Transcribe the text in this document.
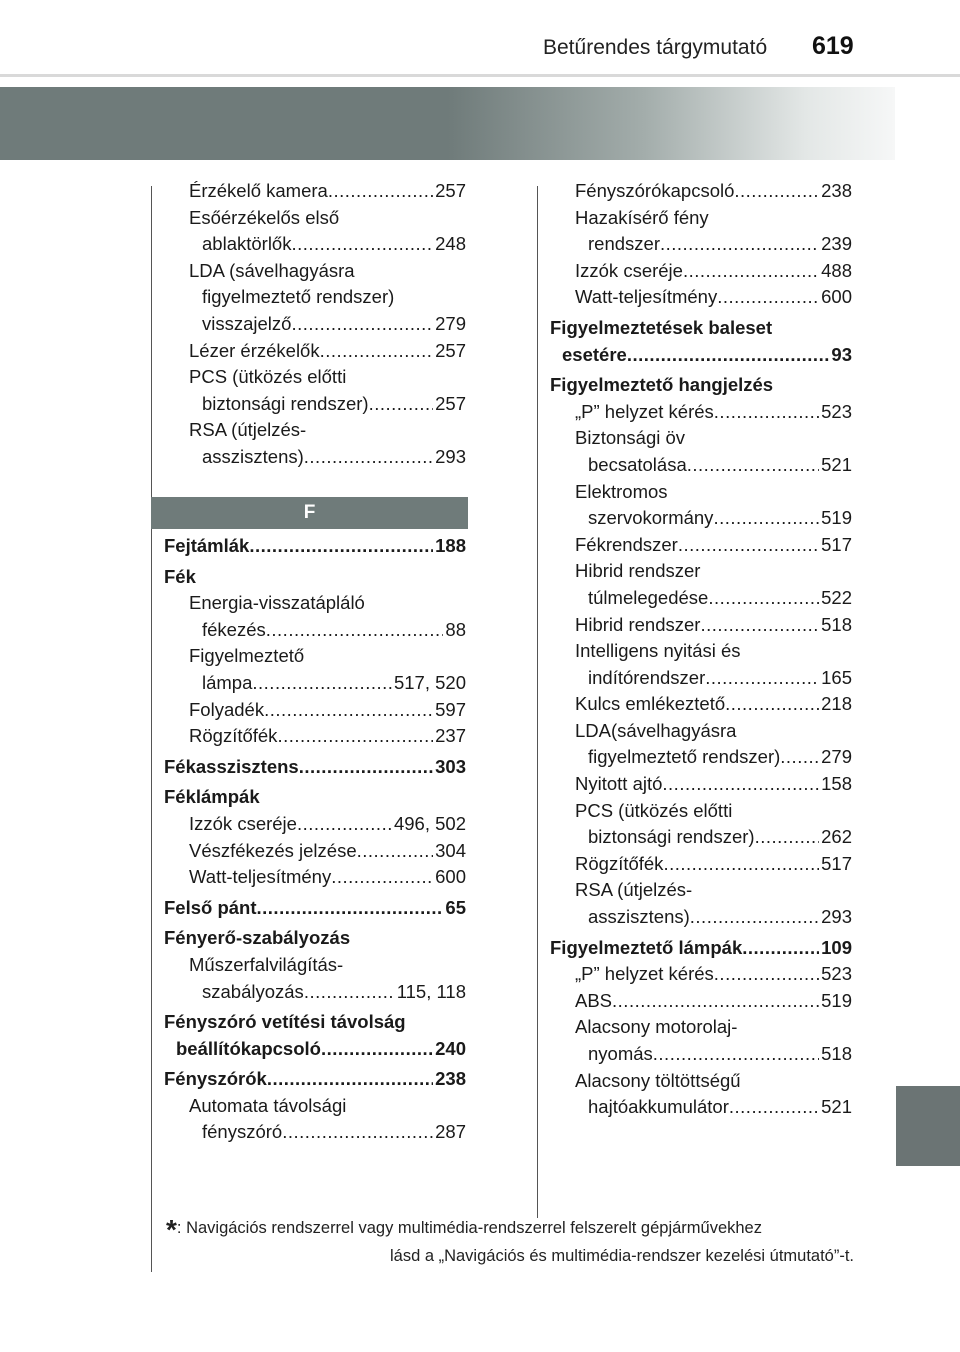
Betűrendes tárgymutató 619
Érzékelő kamera .....	257
Esőérzékelős első
ablaktörlők .....	248
LDA (sávelhagyásra
figyelmeztető rendszer)
visszajelző .....	279
Lézer érzékelők .....	257
PCS (ütközés előtti
biztonsági rendszer) .....	257
RSA (útjelzés-
asszisztens) .....	293
F
Fejtámlák .....	188
Fék
Energia-visszatápláló
fékezés .....	88
Figyelmeztető
lámpa .....	517, 520
Folyadék .....	597
Rögzítőfék .....	237
Fékasszisztens .....	303
Féklámpák
Izzók cseréje .....	496, 502
Vészfékezés jelzése .....	304
Watt-teljesítmény .....	600
Felső pánt .....	65
Fényerő-szabályozás
Műszerfalvilágítás-
szabályozás .....	115, 118
Fényszóró vetítési távolság
beállítókapcsoló .....	240
Fényszórók .....	238
Automata távolsági
fényszóró .....	287
Fényszórókapcsoló .....	238
Hazakísérő fény
rendszer .....	239
Izzók cseréje .....	488
Watt-teljesítmény .....	600
Figyelmeztetések baleset
esetére .....	93
Figyelmeztető hangjelzés
„P” helyzet kérés .....	523
Biztonsági öv
becsatolása .....	521
Elektromos
szervokormány .....	519
Fékrendszer .....	517
Hibrid rendszer
túlmelegedése .....	522
Hibrid rendszer .....	518
Intelligens nyitási és
indítórendszer .....	165
Kulcs emlékeztető .....	218
LDA(sávelhagyásra
figyelmeztető rendszer) ..... 279
Nyitott ajtó .....	158
PCS (ütközés előtti
biztonsági rendszer) .....	262
Rögzítőfék .....	517
RSA (útjelzés-
asszisztens) .....	293
Figyelmeztető lámpák .....	109
„P” helyzet kérés .....	523
ABS .....	519
Alacsony motorolaj-
nyomás .....	518
Alacsony töltöttségű
hajtóakkumulátor .....	521
*: Navigációs rendszerrel vagy multimédia-rendszerrel felszerelt gépjárművekhez
lásd a „Navigációs és multimédia-rendszer kezelési útmutató”-t.
